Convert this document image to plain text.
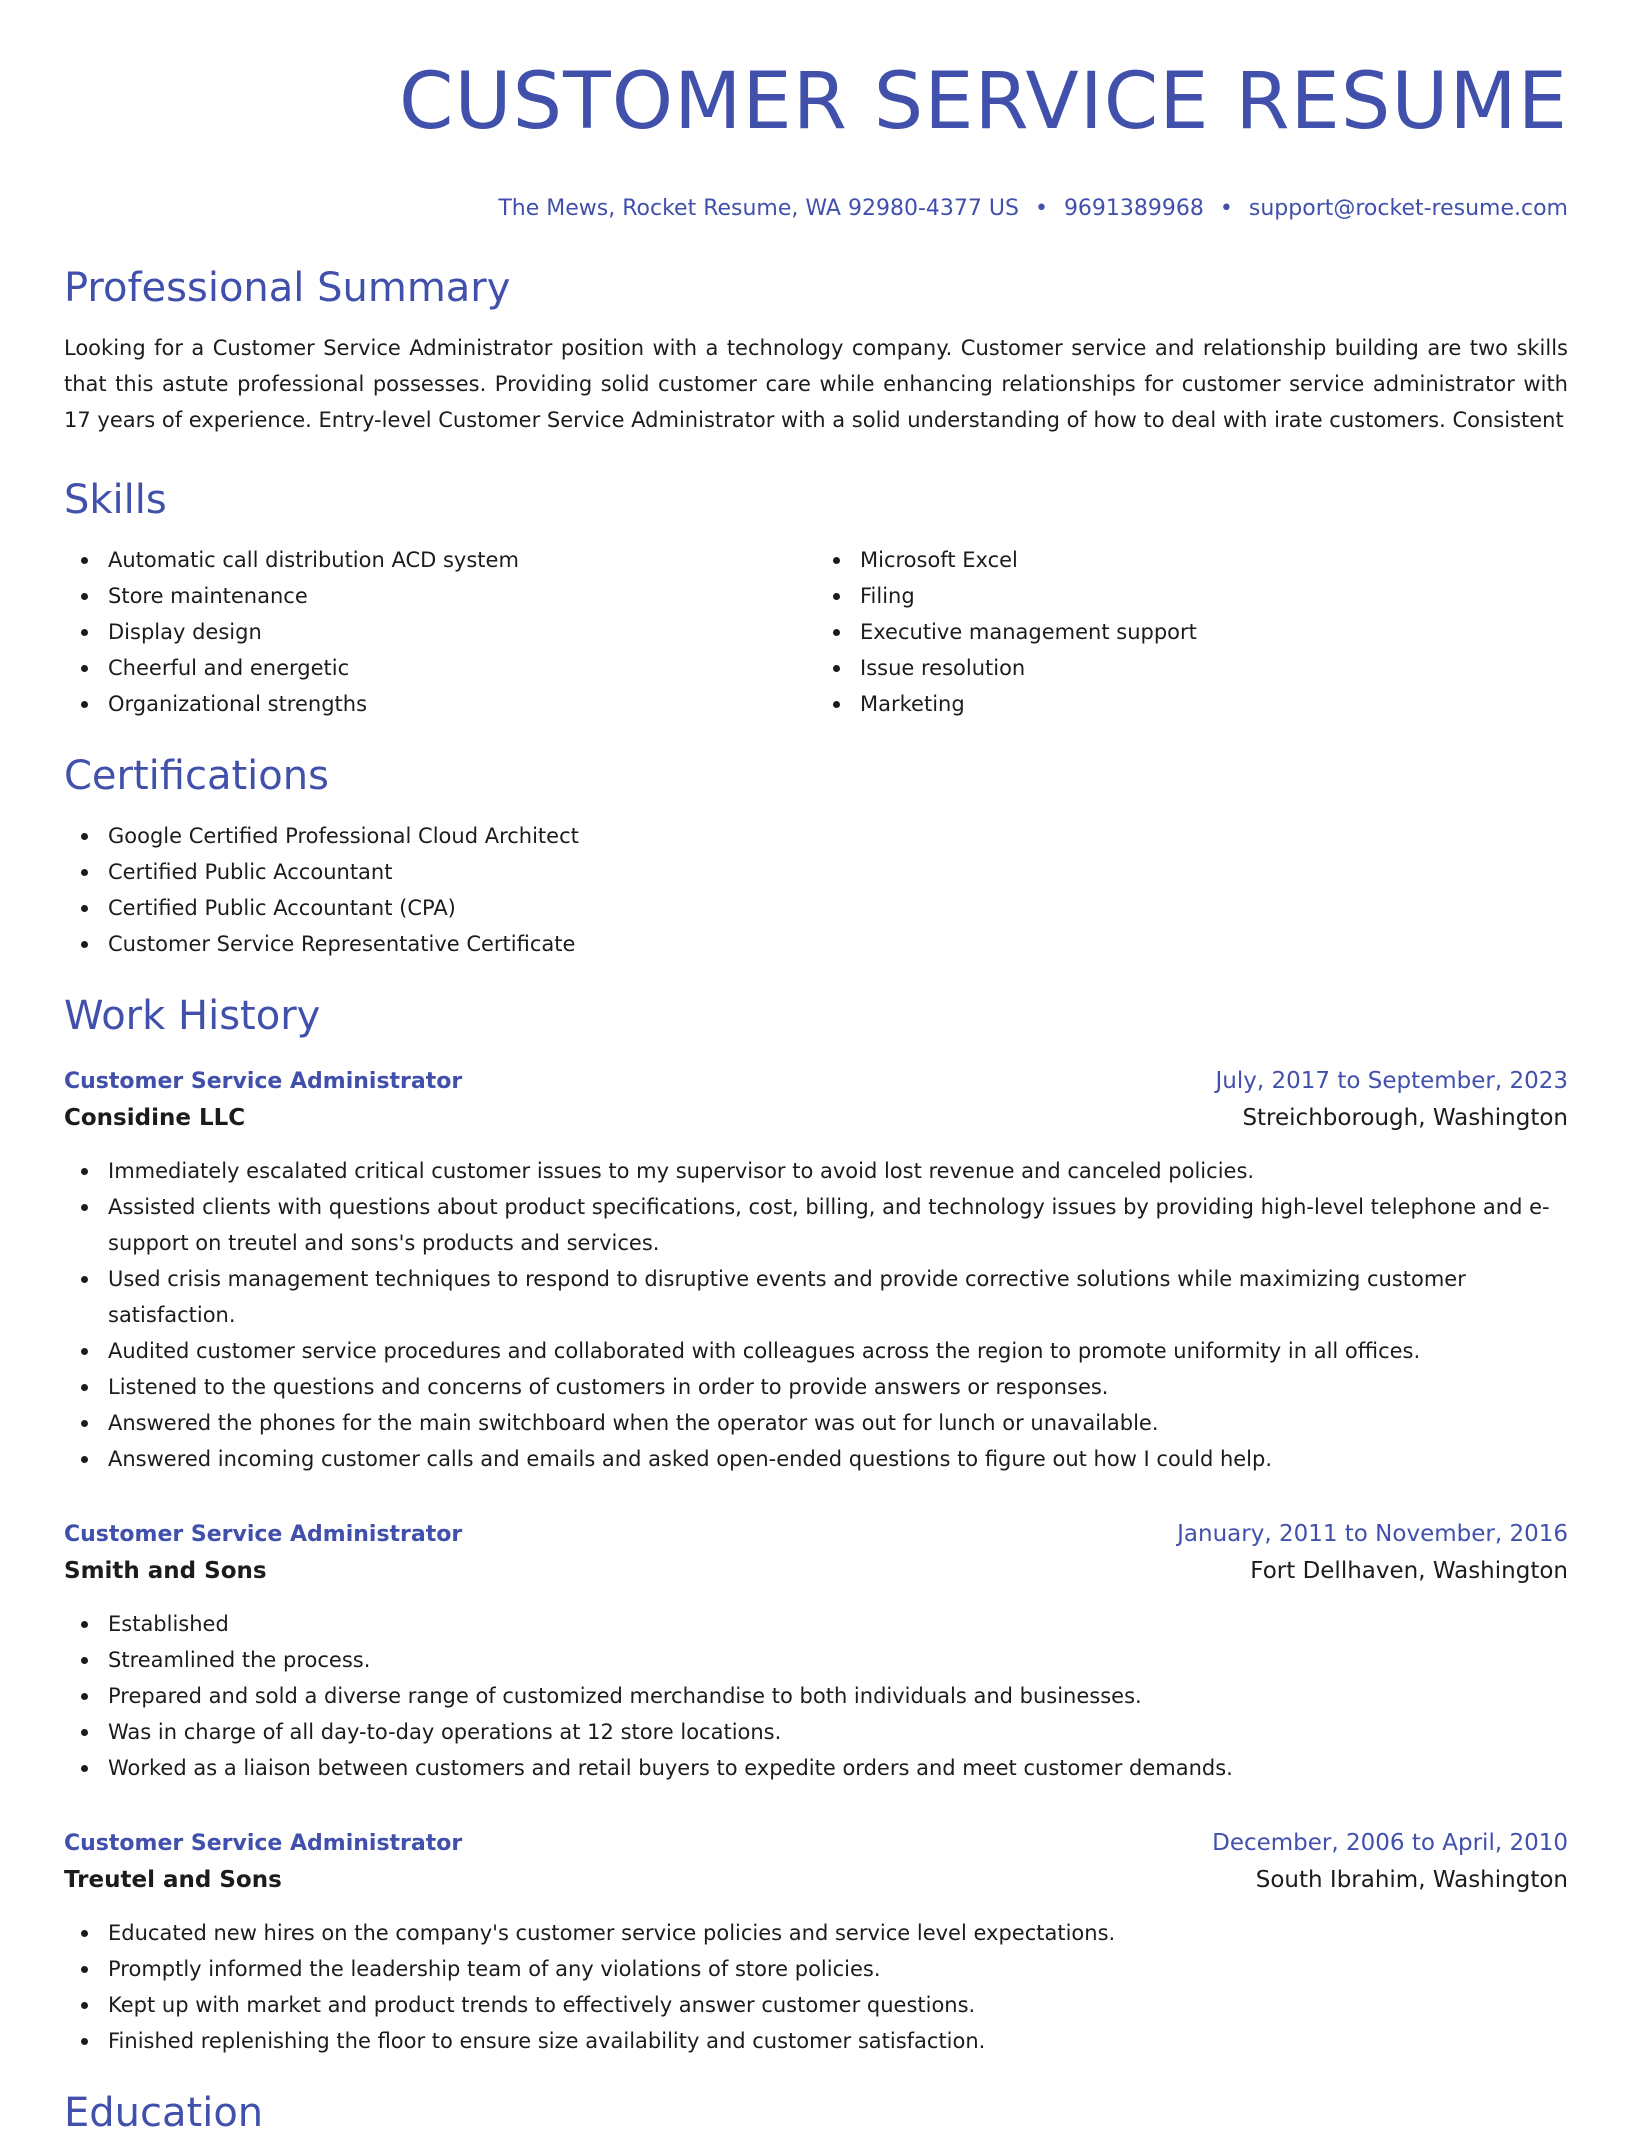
CUSTOMER SERVICE RESUME
The Mews, Rocket Resume, WA 92980-4377 US • 9691389968 • support@rocket-resume.com
Professional Summary

Looking for a Customer Service Administrator position with a technology company. Customer service and relationship building are two skills that this astute professional possesses. Providing solid customer care while enhancing relationships for customer service administrator with 17 years of experience. Entry-level Customer Service Administrator with a solid understanding of how to deal with irate customers. Consistent

Skills
Automatic call distribution ACD system
Store maintenance
Display design
Cheerful and energetic
Organizational strengths
Microsoft Excel
Filing
Executive management support
Issue resolution
Marketing
Certifications
Google Certified Professional Cloud Architect
Certified Public Accountant
Certified Public Accountant (CPA)
Customer Service Representative Certificate
Work History
Customer Service Administrator	July, 2017 to September, 2023
Considine LLC	Streichborough, Washington
Immediately escalated critical customer issues to my supervisor to avoid lost revenue and canceled policies.
Assisted clients with questions about product specifications, cost, billing, and technology issues by providing high-level telephone and e-support on treutel and sons's products and services.
Used crisis management techniques to respond to disruptive events and provide corrective solutions while maximizing customer satisfaction.
Audited customer service procedures and collaborated with colleagues across the region to promote uniformity in all offices.
Listened to the questions and concerns of customers in order to provide answers or responses.
Answered the phones for the main switchboard when the operator was out for lunch or unavailable.
Answered incoming customer calls and emails and asked open-ended questions to figure out how I could help.
Customer Service Administrator	January, 2011 to November, 2016
Smith and Sons	Fort Dellhaven, Washington
Established
Streamlined the process.
Prepared and sold a diverse range of customized merchandise to both individuals and businesses.
Was in charge of all day-to-day operations at 12 store locations.
Worked as a liaison between customers and retail buyers to expedite orders and meet customer demands.
Customer Service Administrator	December, 2006 to April, 2010
Treutel and Sons	South Ibrahim, Washington
Educated new hires on the company's customer service policies and service level expectations.
Promptly informed the leadership team of any violations of store policies.
Kept up with market and product trends to effectively answer customer questions.
Finished replenishing the floor to ensure size availability and customer satisfaction.
Education
